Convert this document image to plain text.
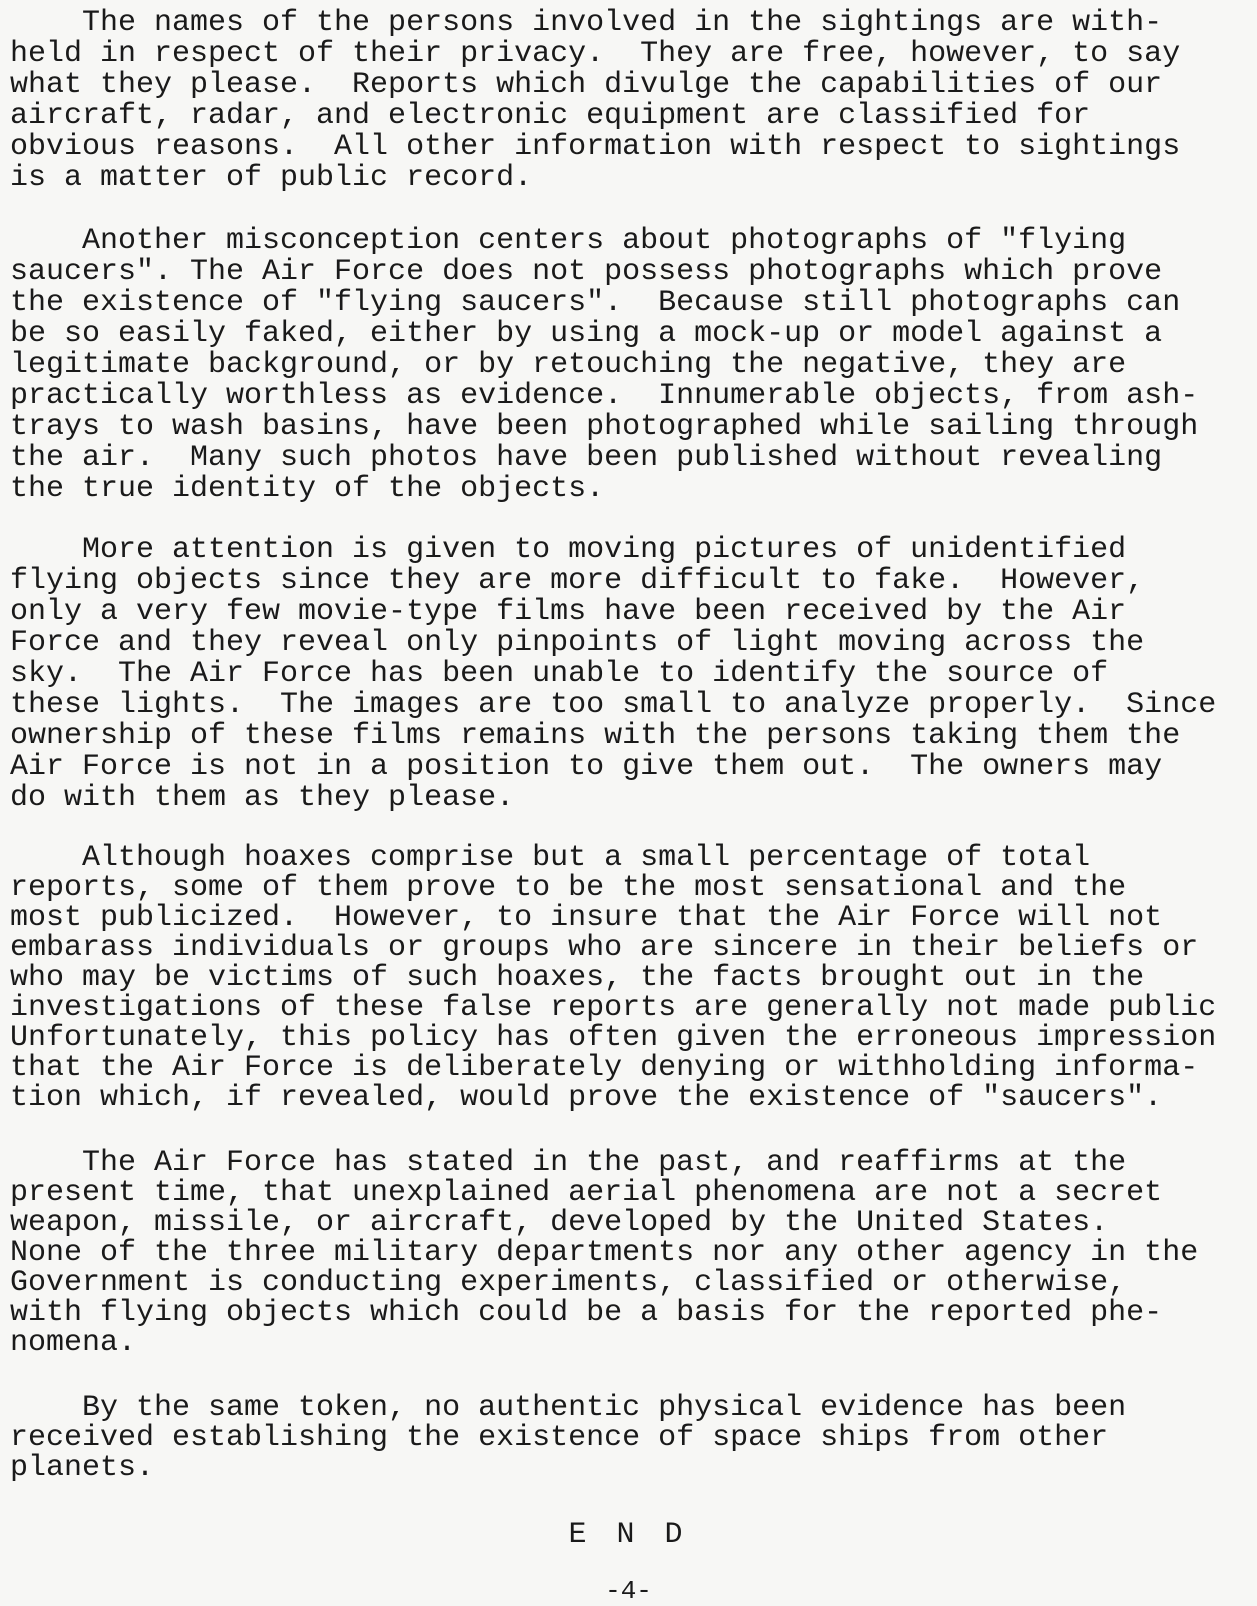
The names of the persons involved in the sightings are with-
held in respect of their privacy.  They are free, however, to say
what they please.  Reports which divulge the capabilities of our
aircraft, radar, and electronic equipment are classified for
obvious reasons.  All other information with respect to sightings
is a matter of public record.
Another misconception centers about photographs of "flying
saucers". The Air Force does not possess photographs which prove
the existence of "flying saucers".  Because still photographs can
be so easily faked, either by using a mock-up or model against a
legitimate background, or by retouching the negative, they are
practically worthless as evidence.  Innumerable objects, from ash-
trays to wash basins, have been photographed while sailing through
the air.  Many such photos have been published without revealing
the true identity of the objects.
More attention is given to moving pictures of unidentified
flying objects since they are more difficult to fake.  However,
only a very few movie-type films have been received by the Air
Force and they reveal only pinpoints of light moving across the
sky.  The Air Force has been unable to identify the source of
these lights.  The images are too small to analyze properly.  Since
ownership of these films remains with the persons taking them the
Air Force is not in a position to give them out.  The owners may
do with them as they please.
Although hoaxes comprise but a small percentage of total
reports, some of them prove to be the most sensational and the
most publicized.  However, to insure that the Air Force will not
embarass individuals or groups who are sincere in their beliefs or
who may be victims of such hoaxes, the facts brought out in the
investigations of these false reports are generally not made public
Unfortunately, this policy has often given the erroneous impression
that the Air Force is deliberately denying or withholding informa-
tion which, if revealed, would prove the existence of "saucers".
The Air Force has stated in the past, and reaffirms at the
present time, that unexplained aerial phenomena are not a secret
weapon, missile, or aircraft, developed by the United States.
None of the three military departments nor any other agency in the
Government is conducting experiments, classified or otherwise,
with flying objects which could be a basis for the reported phe-
nomena.
By the same token, no authentic physical evidence has been
received establishing the existence of space ships from other
planets.
E N D
-4-
